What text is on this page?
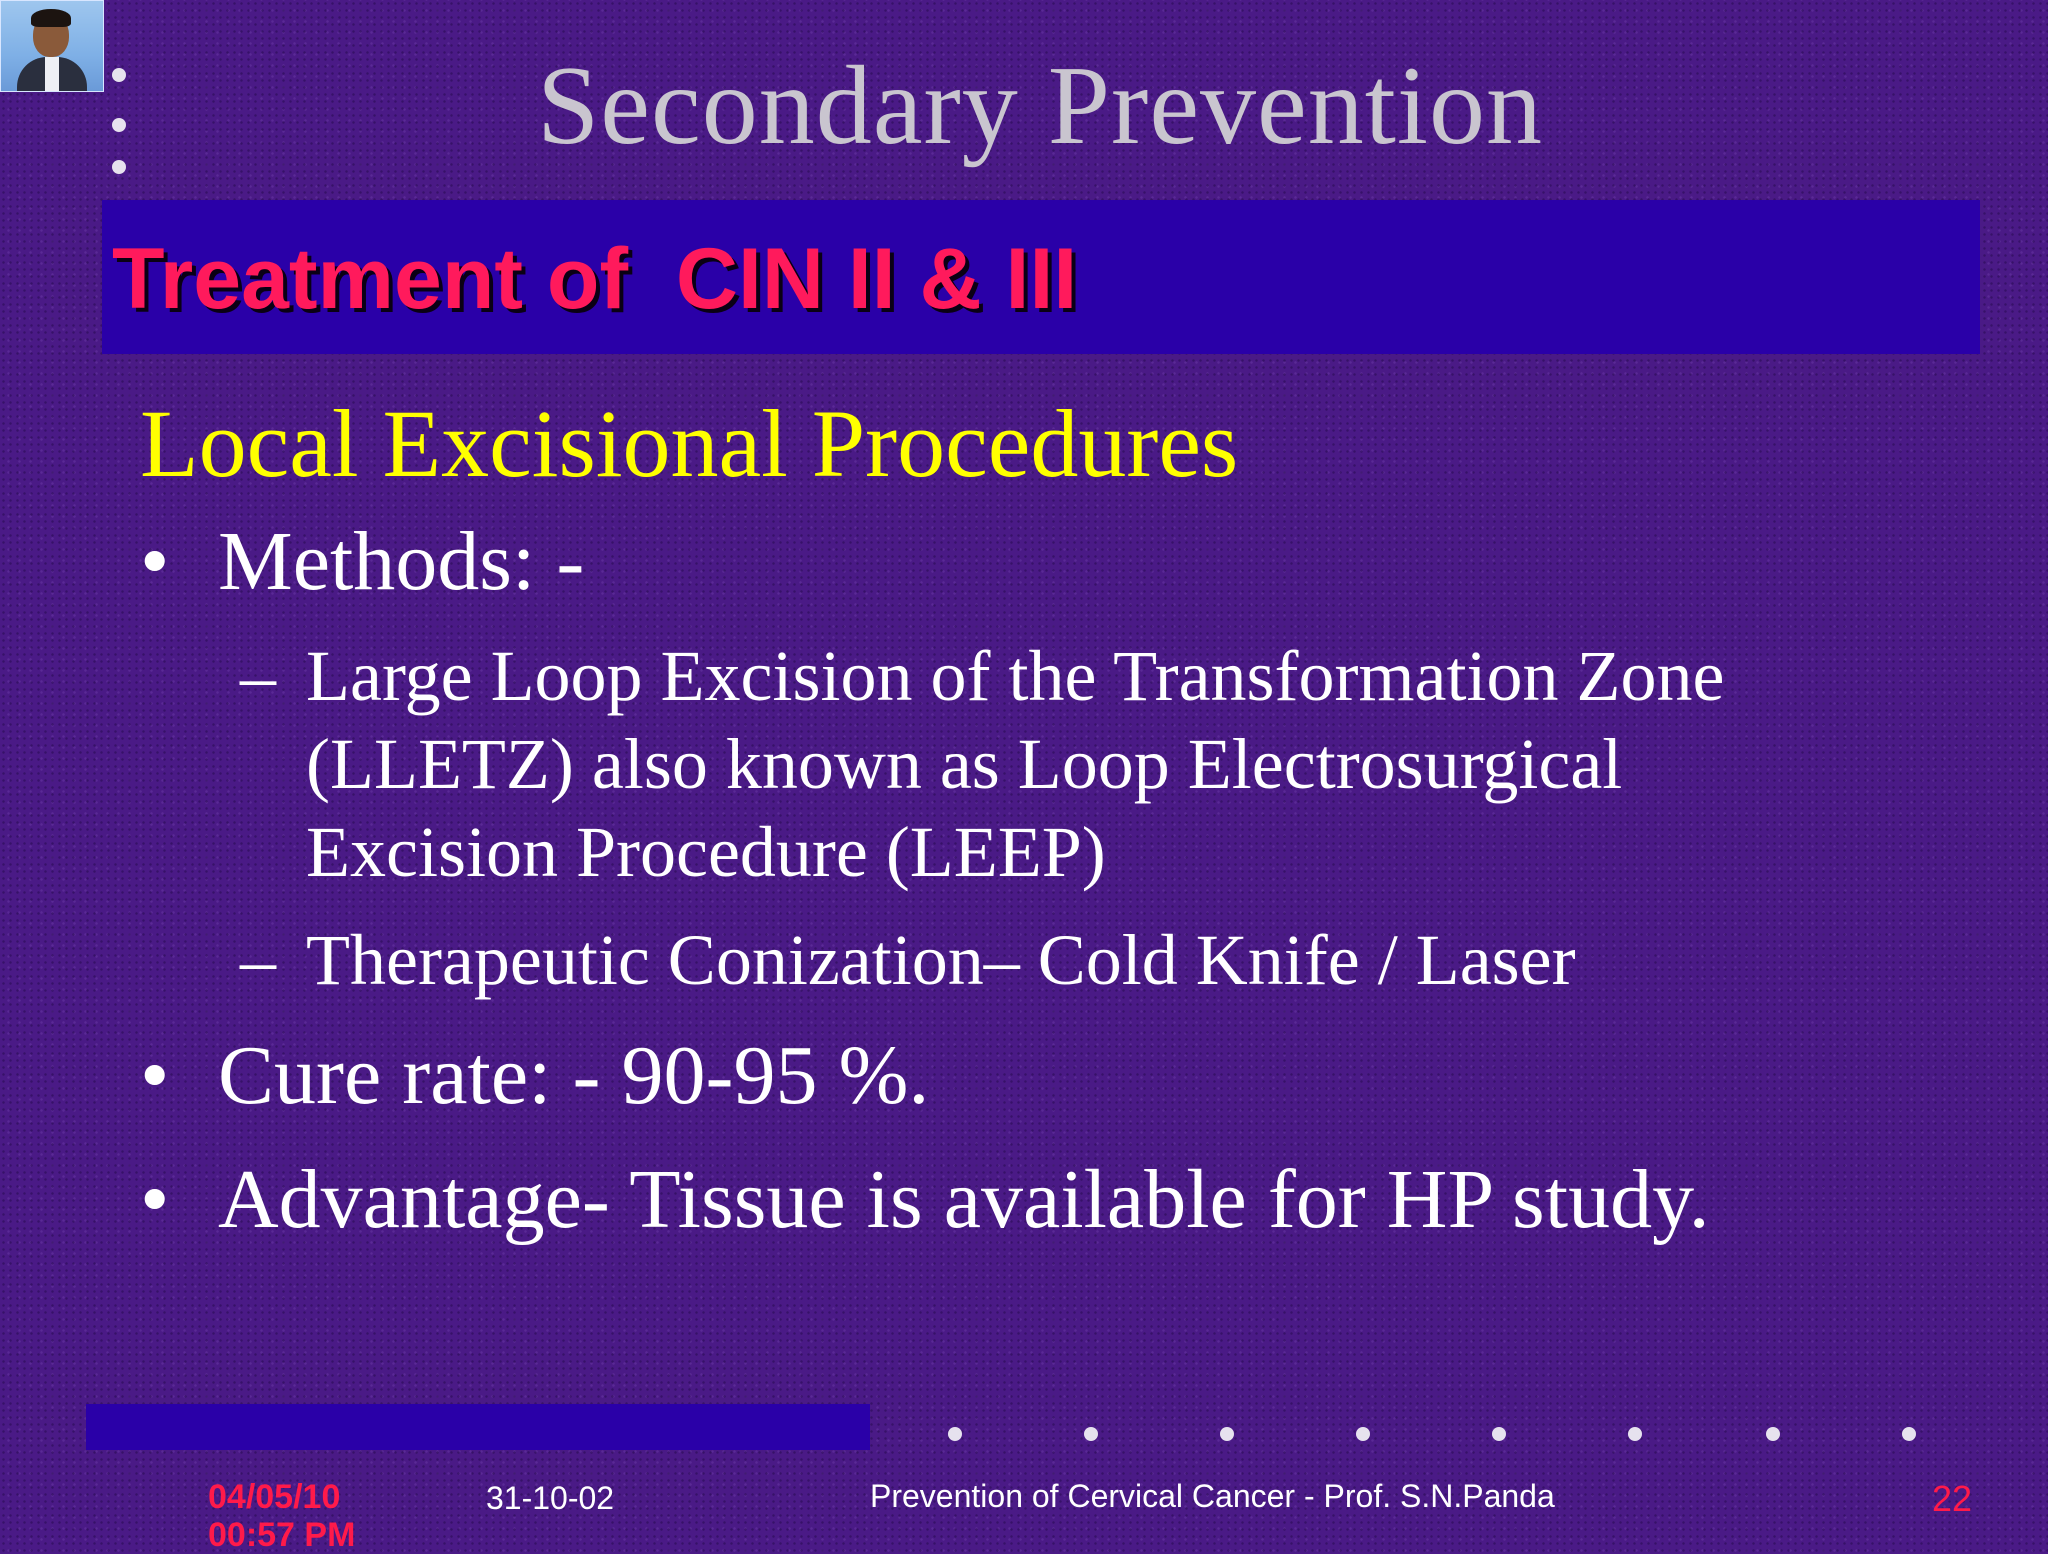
Secondary Prevention
Treatment of  CIN II & III
Local Excisional Procedures
• Methods: -
– Large Loop Excision of the Transformation Zone
(LLETZ) also known as Loop Electrosurgical
Excision Procedure (LEEP)
– Therapeutic Conization– Cold Knife / Laser
• Cure rate: - 90-95 %.
• Advantage- Tissue is available for HP study.
04/05/10
00:57 PM
31-10-02	Prevention of Cervical Cancer - Prof. S.N.Panda	22
